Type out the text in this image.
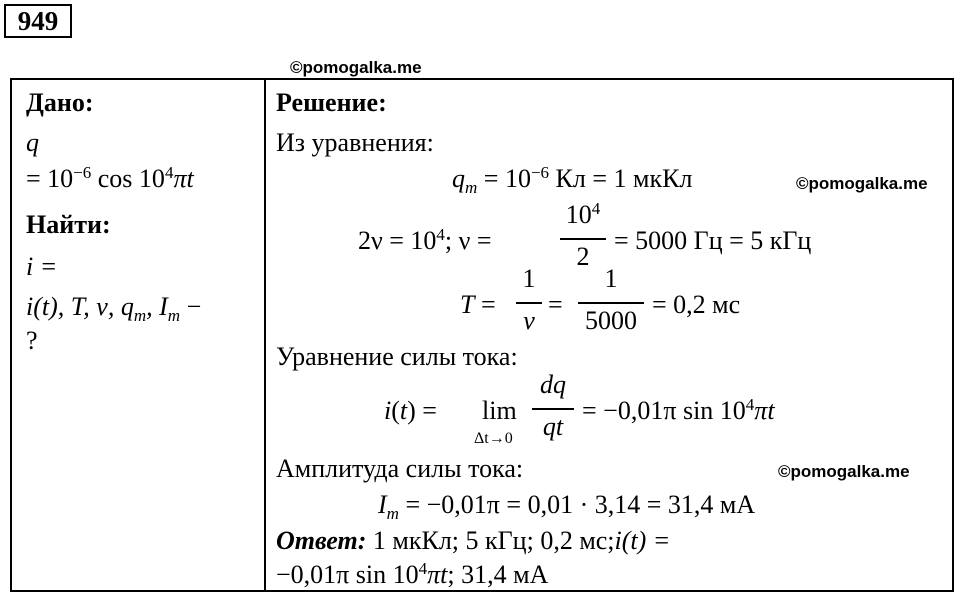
949
©pomogalka.me
Дано:
q
= $10^{-6}$ $\cos 10^4\pi t$
Найти:
i =
i(t), T, ν, $q_m$, $I_m$ −
?
Решение:
Из уравнения:
$q_m = 10^{-6}$ Кл = 1 мкКл	©pomogalka.me
$2\nu = 10^4$; ν =
$10^4$
2
= 5000 Гц = 5 кГц
T =
1
ν
=
1
5000
= 0,2 мс
Уравнение силы тока:
i(t) = lim
Δt→0
dq
qt
= −0,01π $\sin 10^4\pi t$
Амплитуда силы тока:	©pomogalka.me
$I_m = -0,01\pi = 0,01 \cdot 3,14 = 31,4$ мА
Ответ: 1 мкКл; 5 кГц; 0,2 мс;i(t) =
−0,01π $\sin 10^4\pi t$; 31,4 мА
